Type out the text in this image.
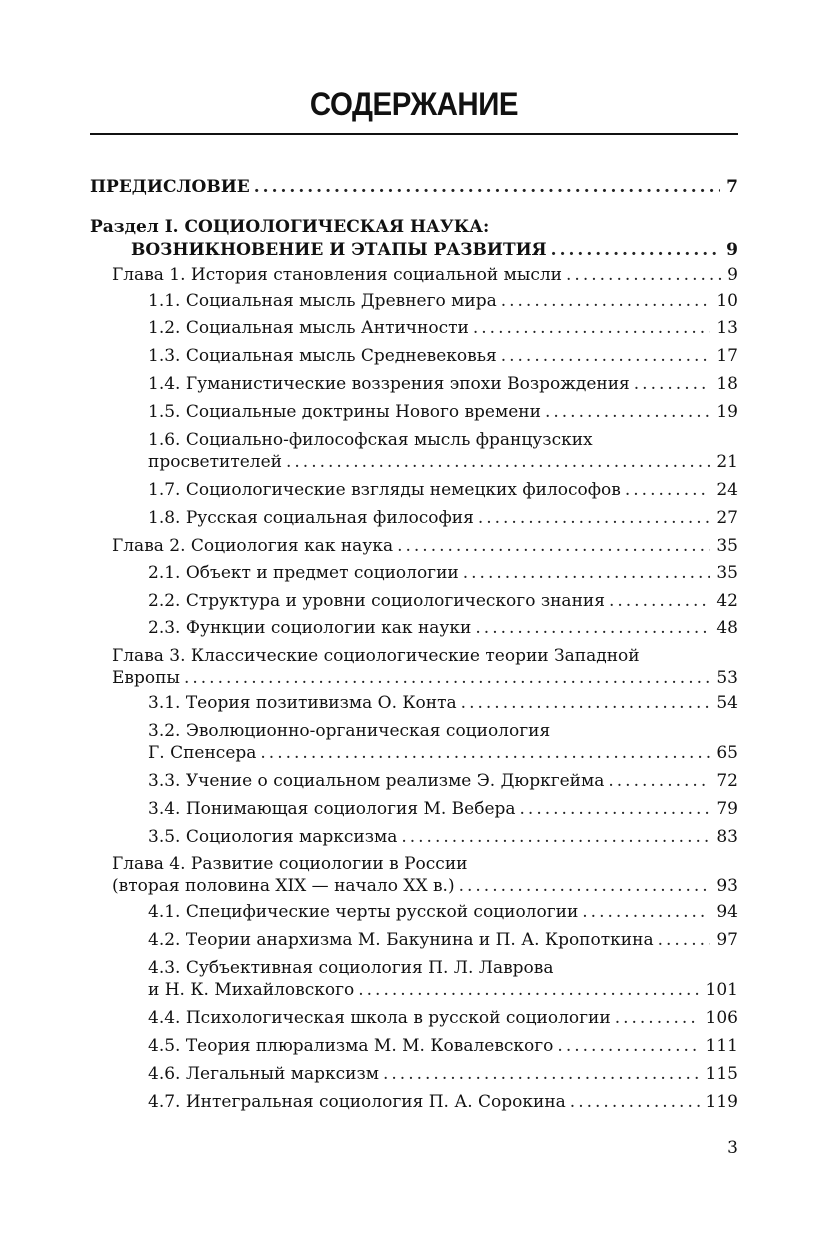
СОДЕРЖАНИЕ
ПРЕДИСЛОВИЕ .....	7
Раздел I. СОЦИОЛОГИЧЕСКАЯ НАУКА:
ВОЗНИКНОВЕНИЕ И ЭТАПЫ РАЗВИТИЯ .....	9
Глава 1. История становления социальной мысли .....	9
1.1. Социальная мысль Древнего мира .....	10
1.2. Социальная мысль Античности .....	13
1.3. Социальная мысль Средневековья .....	17
1.4. Гуманистические воззрения эпохи Возрождения .....	18
1.5. Социальные доктрины Нового времени .....	19
1.6. Социально-философская мысль французских
просветителей .....	21
1.7. Социологические взгляды немецких философов .....	24
1.8. Русская социальная философия .....	27
Глава 2. Социология как наука .....	35
2.1. Объект и предмет социологии .....	35
2.2. Структура и уровни социологического знания .....	42
2.3. Функции социологии как науки .....	48
Глава 3. Классические социологические теории Западной
Европы .....	53
3.1. Теория позитивизма О. Конта .....	54
3.2. Эволюционно-органическая социология
Г. Спенсера .....	65
3.3. Учение о социальном реализме Э. Дюркгейма .....	72
3.4. Понимающая социология М. Вебера .....	79
3.5. Социология марксизма .....	83
Глава 4. Развитие социологии в России
(вторая половина XIX — начало XX в.) .....	93
4.1. Специфические черты русской социологии .....	94
4.2. Теории анархизма М. Бакунина и П. А. Кропоткина .....	97
4.3. Субъективная социология П. Л. Лаврова
и Н. К. Михайловского .....	101
4.4. Психологическая школа в русской социологии .....	106
4.5. Теория плюрализма М. М. Ковалевского .....	111
4.6. Легальный марксизм .....	115
4.7. Интегральная социология П. А. Сорокина .....	119
3
